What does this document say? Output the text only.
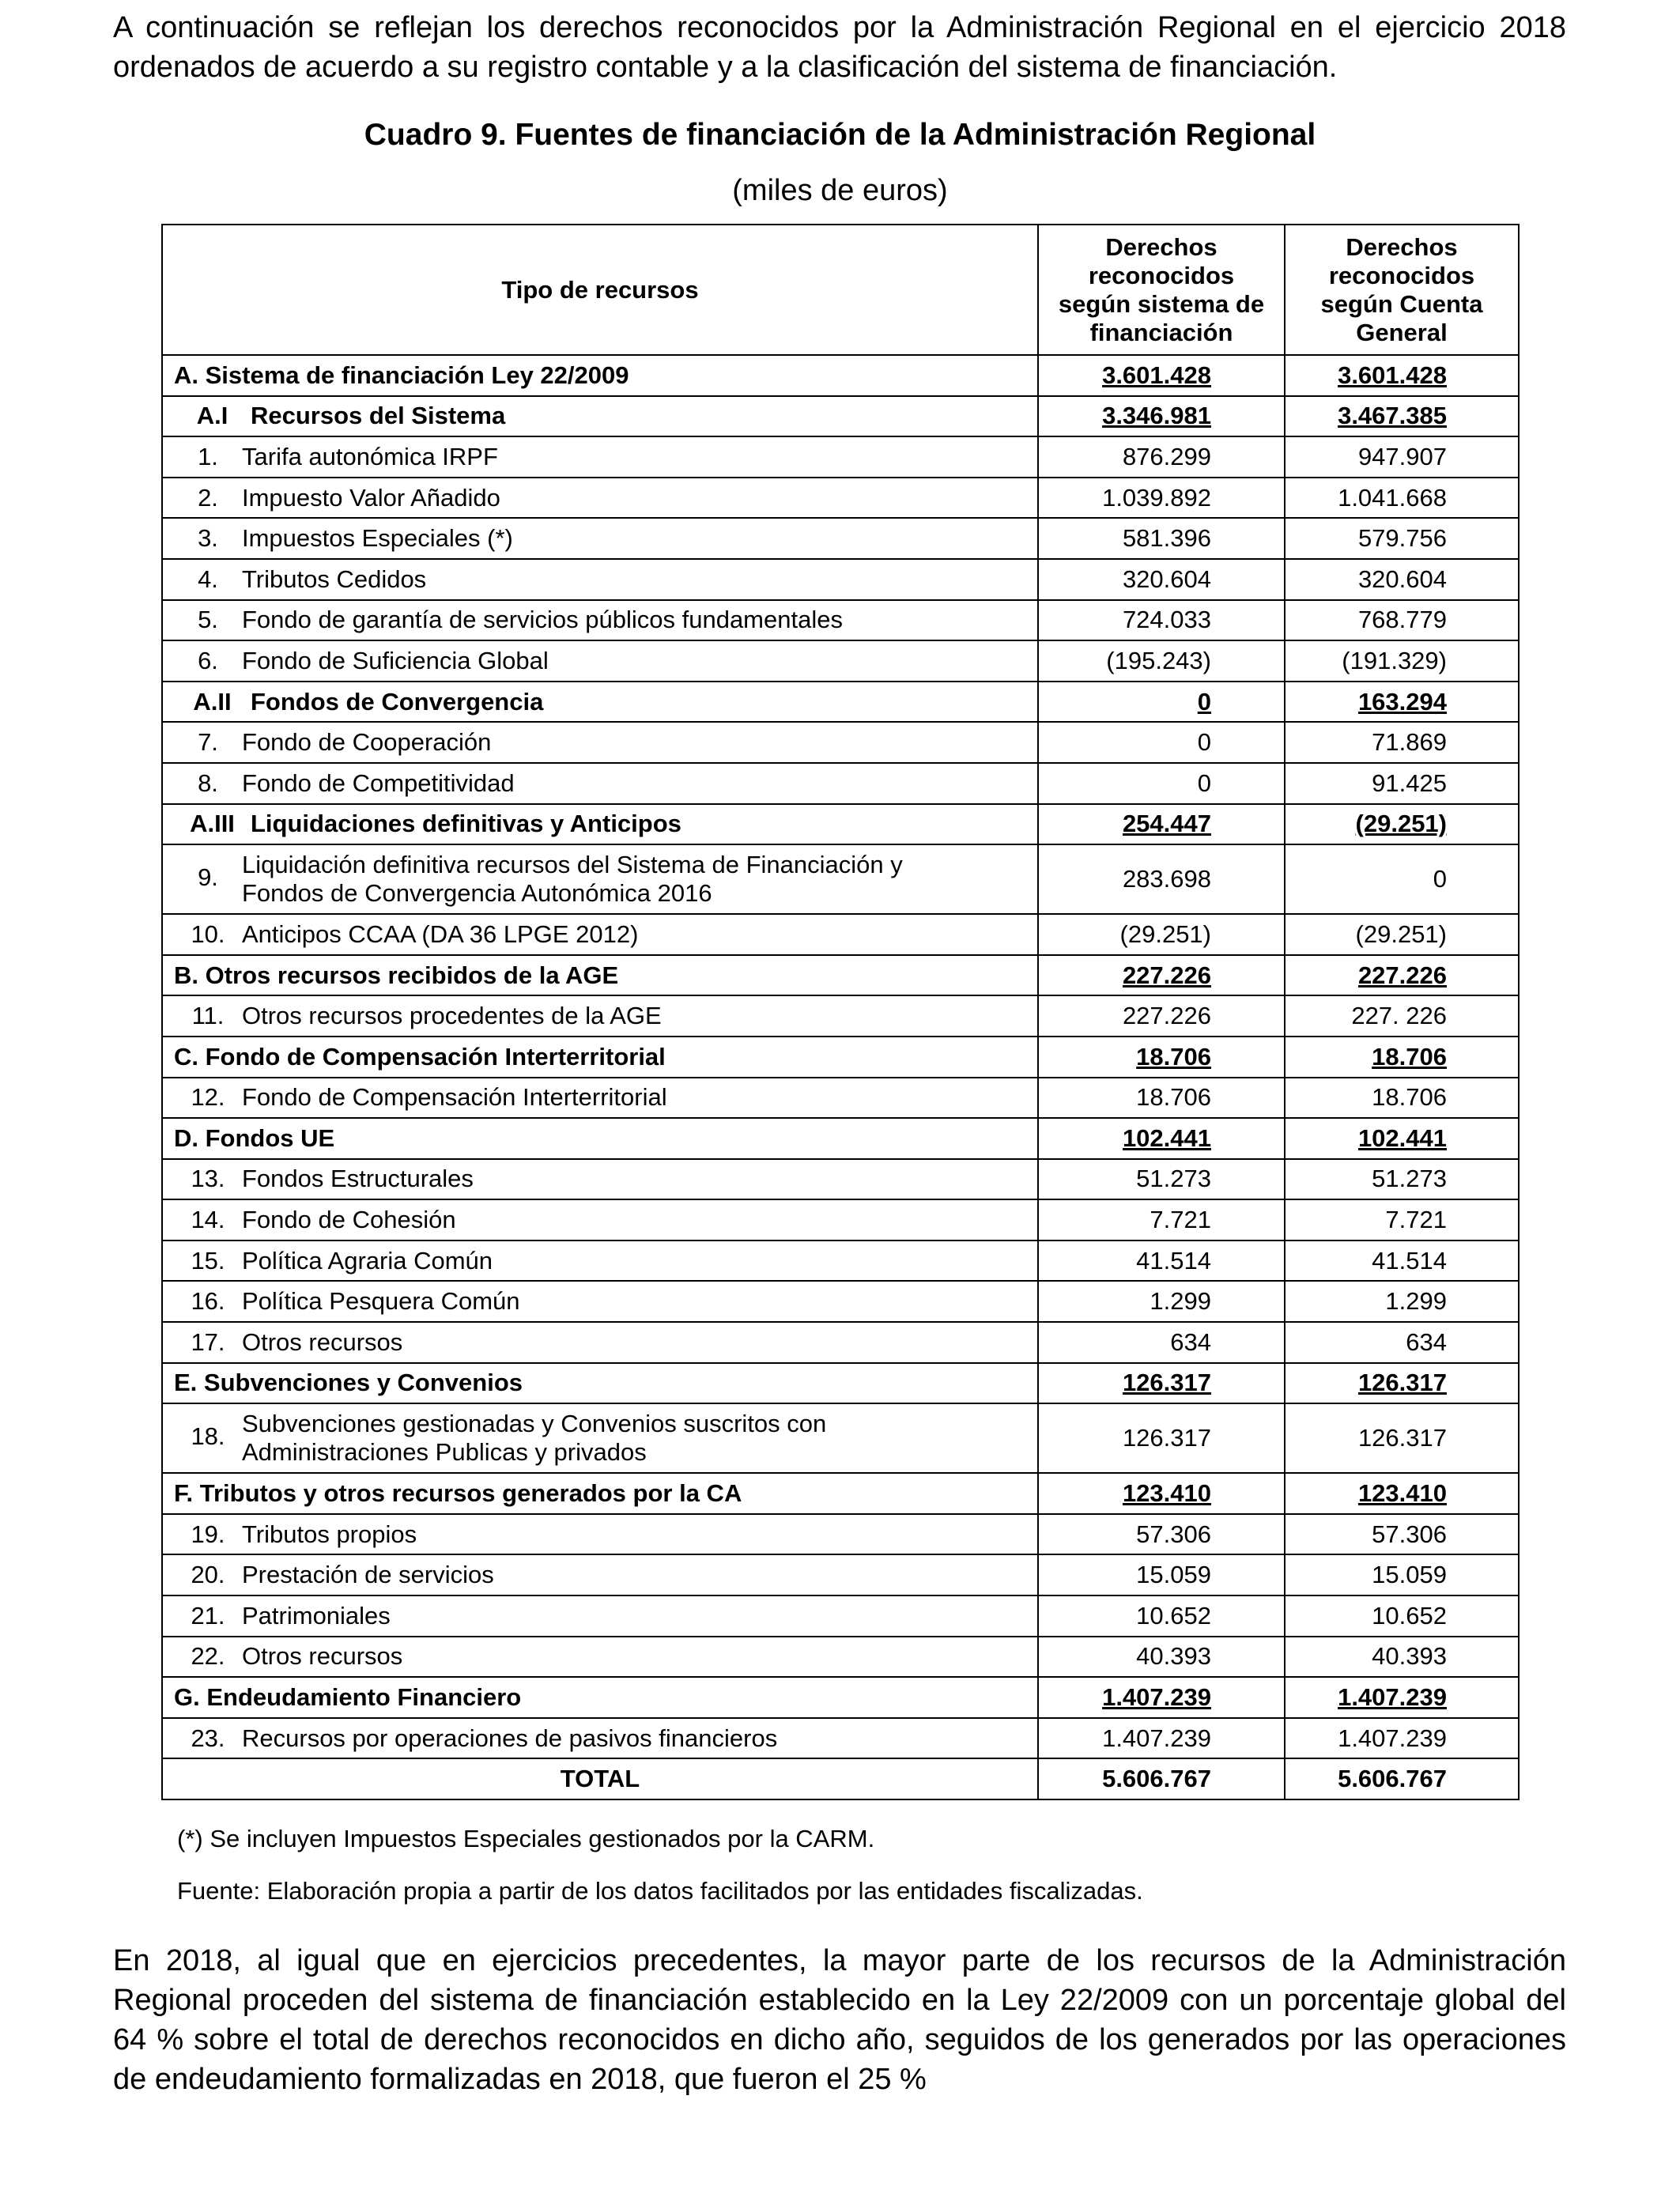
A continuación se reflejan los derechos reconocidos por la Administración Regional en el ejercicio 2018 ordenados de acuerdo a su registro contable y a la clasificación del sistema de financiación.

Cuadro 9. Fuentes de financiación de la Administración Regional
(miles de euros)
Tipo de recursos	Derechos reconocidos según sistema de financiación	Derechos reconocidos según Cuenta General
A. Sistema de financiación Ley 22/2009	3.601.428	3.601.428
A.I Recursos del Sistema	3.346.981	3.467.385
1. Tarifa autonómica IRPF	876.299	947.907
2. Impuesto Valor Añadido	1.039.892	1.041.668
3. Impuestos Especiales (*)	581.396	579.756
4. Tributos Cedidos	320.604	320.604
5. Fondo de garantía de servicios públicos fundamentales	724.033	768.779
6. Fondo de Suficiencia Global	(195.243)	(191.329)
A.II Fondos de Convergencia	0	163.294
7. Fondo de Cooperación	0	71.869
8. Fondo de Competitividad	0	91.425
A.III Liquidaciones definitivas y Anticipos	254.447	(29.251)
9. Liquidación definitiva recursos del Sistema de Financiación y
Fondos de Convergencia Autonómica 2016	283.698	0
10. Anticipos CCAA (DA 36 LPGE 2012)	(29.251)	(29.251)
B. Otros recursos recibidos de la AGE	227.226	227.226
11. Otros recursos procedentes de la AGE	227.226	227. 226
C. Fondo de Compensación Interterritorial	18.706	18.706
12. Fondo de Compensación Interterritorial	18.706	18.706
D. Fondos UE	102.441	102.441
13. Fondos Estructurales	51.273	51.273
14. Fondo de Cohesión	7.721	7.721
15. Política Agraria Común	41.514	41.514
16. Política Pesquera Común	1.299	1.299
17. Otros recursos	634	634
E. Subvenciones y Convenios	126.317	126.317
18. Subvenciones gestionadas y Convenios suscritos con
Administraciones Publicas y privados	126.317	126.317
F. Tributos y otros recursos generados por la CA	123.410	123.410
19. Tributos propios	57.306	57.306
20. Prestación de servicios	15.059	15.059
21. Patrimoniales	10.652	10.652
22. Otros recursos	40.393	40.393
G. Endeudamiento Financiero	1.407.239	1.407.239
23. Recursos por operaciones de pasivos financieros	1.407.239	1.407.239
TOTAL	5.606.767	5.606.767
(*) Se incluyen Impuestos Especiales gestionados por la CARM.
Fuente: Elaboración propia a partir de los datos facilitados por las entidades fiscalizadas.

En 2018, al igual que en ejercicios precedentes, la mayor parte de los recursos de la Administración Regional proceden del sistema de financiación establecido en la Ley 22/2009 con un porcentaje global del 64 % sobre el total de derechos reconocidos en dicho año, seguidos de los generados por las operaciones de endeudamiento formalizadas en 2018, que fueron el 25 %
